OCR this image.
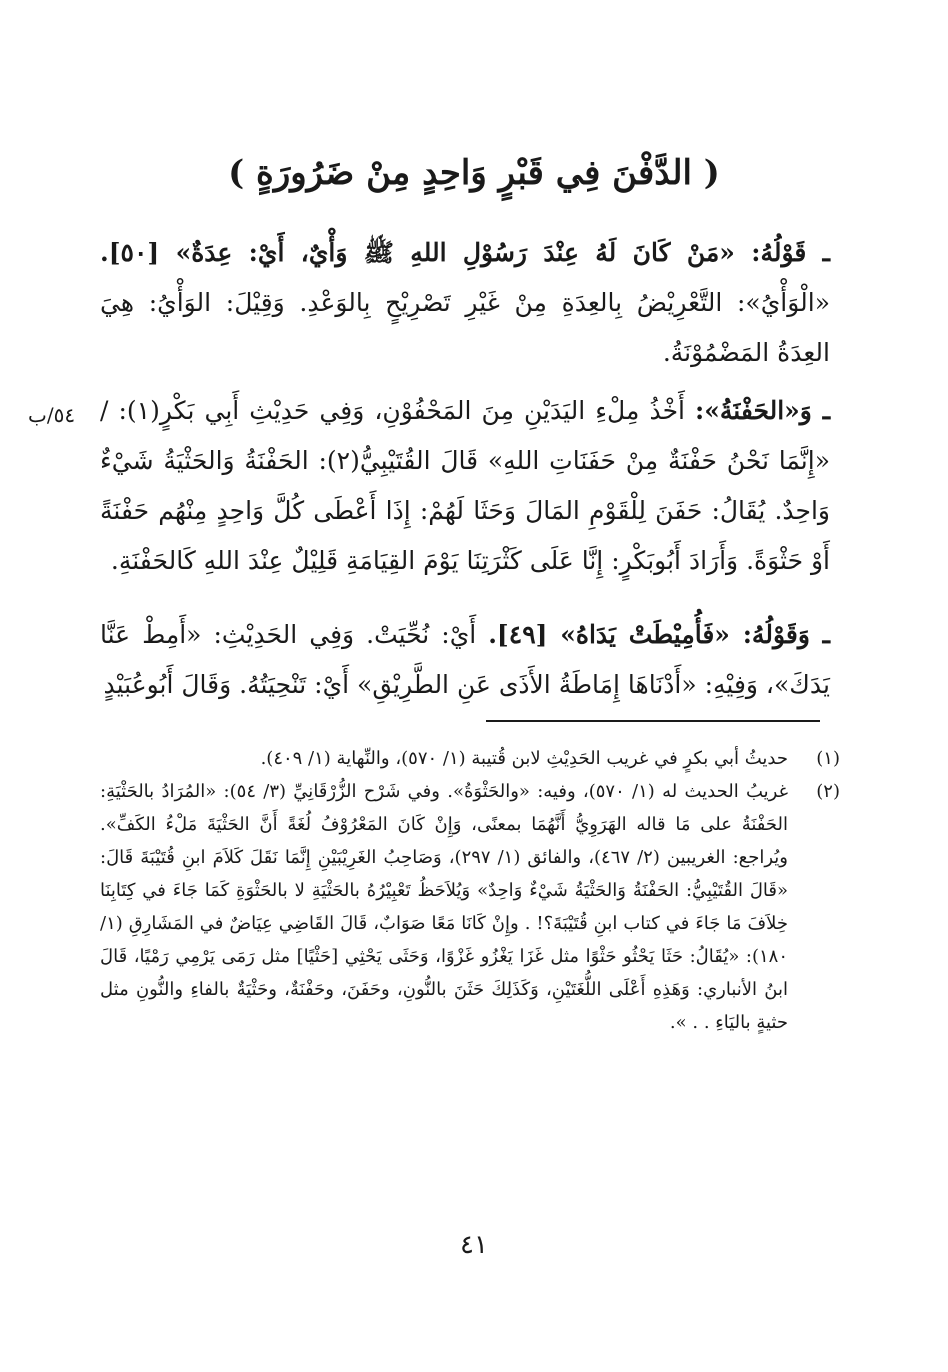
( الدَّفْنَ فِي قَبْرٍ وَاحِدٍ مِنْ ضَرُورَةٍ )

ـ قَوْلُهُ: «مَنْ كَانَ لَهُ عِنْدَ رَسُوْلِ اللهِ ﷺ وَأْيٌ، أَيْ: عِدَةٌ» [٥٠]. «الْوَأْيُ»: التَّعْرِيْضُ بِالعِدَةِ مِنْ غَيْرِ تَصْرِيْحٍ بِالوَعْدِ. وَقِيْلَ: الوَأْيُ: هِيَ العِدَةُ المَضْمُوْنَةُ.

٥٤/ب	ـ وَ«الحَفْنَةُ»: أَخْذُ مِلْءِ اليَدَيْنِ مِنَ المَحْفُوْنِ، وَفِي حَدِيْثِ أَبِي بَكْرٍ(١): / «إِنَّمَا نَحْنُ حَفْنَةٌ مِنْ حَفَنَاتِ اللهِ» قَالَ القُتَيْبِيُّ(٢): الحَفْنَةُ وَالحَثْيَةُ شَيْءٌ وَاحِدٌ. يُقَالُ: حَفَنَ لِلْقَوْمِ المَالَ وَحَثَا لَهُمْ: إِذَا أَعْطَى كُلَّ وَاحِدٍ مِنْهُم حَفْنَةً أَوْ حَثْوَةً. وَأَرَادَ أَبُوبَكْرٍ: إِنَّا عَلَى كَثْرَتِنَا يَوْمَ القِيَامَةِ قَلِيْلٌ عِنْدَ اللهِ كَالحَفْنَةِ.

ـ وَقَوْلُهُ: «فَأُمِيْطَتْ يَدَاهُ» [٤٩]. أَيْ: نُحِّيَتْ. وَفِي الحَدِيْثِ: «أَمِطْ عَنَّا يَدَكَ»، وَفِيْهِ: «أَدْنَاهَا إِمَاطَةُ الأَذَى عَنِ الطَّرِيْقِ» أَيْ: تَنْحِيَتُهُ. وَقَالَ أَبُوعُبَيْدٍ

(١)
حديثُ أبي بكرٍ في غريب الحَدِيْثِ لابن قُتيبة (١/ ٥٧٠)، والنِّهاية (١/ ٤٠٩).
(٢)
غريبُ الحديث له (١/ ٥٧٠)، وفيه: «والحَثْوَةُ». وفي شَرْح الزُّرْقَانِيِّ (٣/ ٥٤): «المُرَادُ بالحَثْيَةِ: الحَفْنَةُ على مَا قاله الهَرَوِيُّ أَنَّهُمَا بمعنًى، وَإِنْ كَانَ المَعْرُوْفُ لُغَةً أَنَّ الحَثْيَةَ مَلْءُ الكَفِّ». ويُراجع: الغريبين (٢/ ٤٦٧)، والفائق (١/ ٢٩٧)، وَصَاحِبُ الغَرِيْبَيْنِ إِنَّمَا نَقَلَ كَلاَمَ ابنِ قُتَيْبَةَ قَالَ: «قَالَ القُتَيْبِيُّ: الحَفْنَةُ وَالحَثْيَةُ شَيْءٌ وَاحِدٌ» وَيُلاَحَظُ تَعْبِيْرُهُ بالحَثْيَةِ لا بالحَثْوَةِ كَمَا جَاءَ في كِتَابِنَا خِلاَفَ مَا جَاءَ في كتاب ابنِ قُتَيْبَةَ؟! . وإِنْ كَانَا مَعًا صَوَابٌ، قَالَ القَاضِي عِيَاضٌ في المَشَارِقِ (١/ ١٨٠): «يُقَالُ: حَثَا يَحْثُو حَثْوًا مثل غَزَا يَغْزُو غَزْوًا، وَحَثَى يَحْثِي [حَثْيًا] مثل رَمَى يَرْمِي رَمْيًا، قَالَ ابنُ الأنباري: وَهَذِهِ أَعْلَى اللُّغَتَيْنِ، وَكَذَلِكَ حَثَنَ بالنُّونِ، وحَفَنَ، وحَفْنَةٌ، وحَثْيَةٌ بالفاءِ والنُّونِ مثل حثيةٍ باليَاءِ . . ».
٤١
